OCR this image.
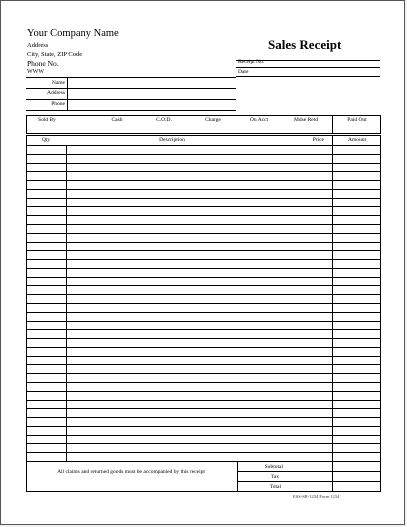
Your Company Name
Address
City, State, ZIP Code
Phone No.
WWW
Sales Receipt
Receipt No.
Date
Name
Address
Phone
Sold By	Cash	C.O.D.	Charge	On Acct	Mdse Retd	Paid Out
Qty	Description	Price	Amount
All claims and returned goods must be accompanied by this receipt
Subtotal
Tax
Total
ESS-SR-1234 Form 1234
